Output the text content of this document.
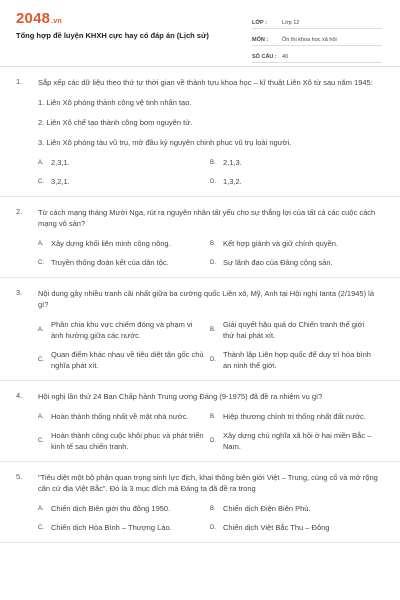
2048.vn
Tổng hợp đề luyện KHXH cực hay có đáp án (Lịch sử)
LỚP :	Lớp 12
MÔN :	Ôn thi khoa học xã hội
SỐ CÂU : 40
1.	Sắp xếp các dữ liệu theo thứ tự thời gian về thành tựu khoa học – kĩ thuật Liên Xô từ sau năm 1945:
1. Liên Xô phóng thành công vệ tinh nhân tạo.
2. Liên Xô chế tạo thành công bom nguyên tử.
3. Liên Xô phóng tàu vũ trụ, mở đầu kỷ nguyên chinh phục vũ trụ loài người.
A. 2,3,1.	B. 2,1,3.
C. 3,2,1.	D. 1,3,2.
2.	Từ cách mạng tháng Mười Nga, rút ra nguyên nhân tất yếu cho sự thắng lợi của tất cả các cuộc cách mạng vô sản?
A. Xây dựng khối liên minh công nông.	B. Kết hợp giành và giữ chính quyền.
C. Truyền thống đoàn kết của dân tộc.	D. Sự lãnh đạo của Đảng cộng sản.
3.	Nội dung gây nhiều tranh cãi nhất giữa ba cường quốc Liên xô, Mỹ, Anh tại Hội nghị Ianta (2/1945) là gì?
A.
Phân chia khu vực chiếm đóng và phạm vi ảnh hưởng giữa các nước.
B.
Giải quyết hậu quả do Chiến tranh thế giới thứ hai phát xít.
C.
Quan điểm khác nhau về tiêu diệt tận gốc chủ nghĩa phát xít.
D.
Thành lập Liên hợp quốc để duy trì hòa bình an ninh thế giới.
4.	Hội nghị lần thứ 24 Ban Chấp hành Trung ương Đảng (9-1975) đã đề ra nhiệm vụ gì?
A. Hoàn thành thống nhất về mặt nhà nước.	B. Hiệp thương chính trị thống nhất đất nước.
C.
Hoàn thành công cuộc khôi phục và phát triển kinh tế sau chiến tranh.
D.
Xây dựng chủ nghĩa xã hội ở hai miền Bắc – Nam.
5.	"Tiêu diệt một bộ phận quan trọng sinh lực địch, khai thông biên giới Việt – Trung, củng cố và mở rộng căn cứ địa Việt Bắc". Đó là 3 mục đích mà Đảng ta đã đề ra trong
A. Chiến dịch Biên giới thu đông 1950.	B. Chiến dịch Điện Biên Phủ.
C. Chiến dịch Hòa Bình – Thượng Lào.	D. Chiến dịch Việt Bắc Thu – Đông
